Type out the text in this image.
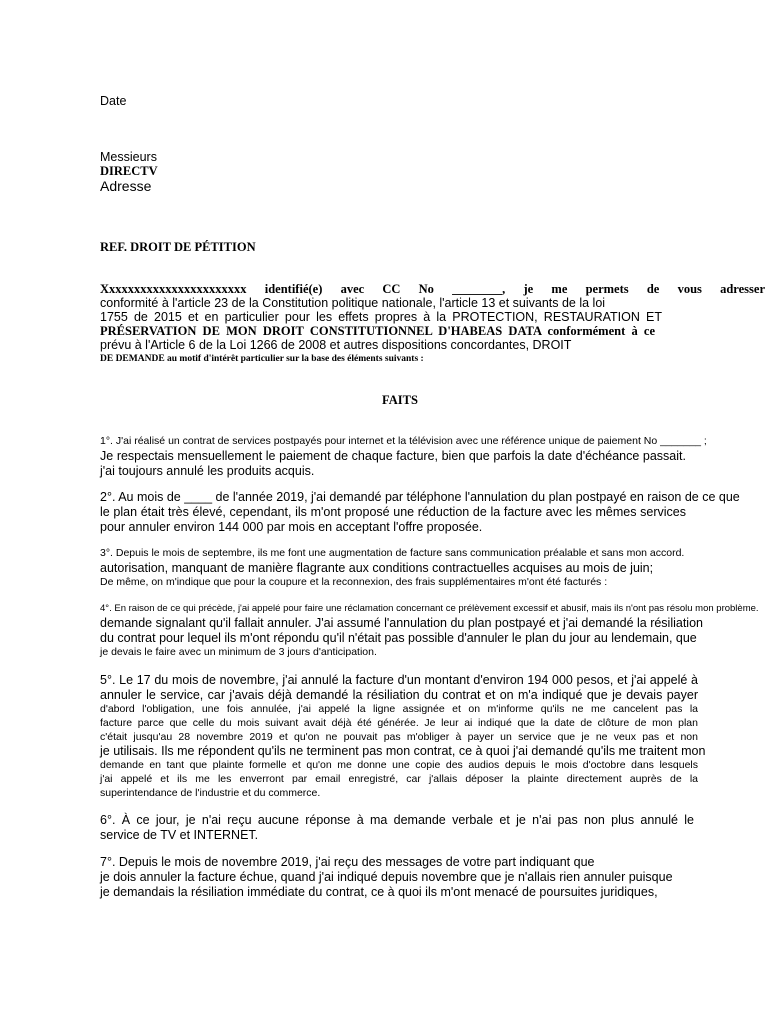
Date
Messieurs
DIRECTV
Adresse
REF. DROIT DE PÉTITION
Xxxxxxxxxxxxxxxxxxxxxxx identifié(e) avec CC No ________, je me permets de vous adresser
conformité à l'article 23 de la Constitution politique nationale, l'article 13 et suivants de la loi
1755 de 2015 et en particulier pour les effets propres à la PROTECTION, RESTAURATION ET
PRÉSERVATION DE MON DROIT CONSTITUTIONNEL D'HABEAS DATA conformément à ce
prévu à l'Article 6 de la Loi 1266 de 2008 et autres dispositions concordantes, DROIT
DE DEMANDE au motif d'intérêt particulier sur la base des éléments suivants :
FAITS
1°. J'ai réalisé un contrat de services postpayés pour internet et la télévision avec une référence unique de paiement No _______ ;
Je respectais mensuellement le paiement de chaque facture, bien que parfois la date d'échéance passait.
j'ai toujours annulé les produits acquis.
2°. Au mois de ____ de l'année 2019, j'ai demandé par téléphone l'annulation du plan postpayé en raison de ce que
le plan était très élevé, cependant, ils m'ont proposé une réduction de la facture avec les mêmes services
pour annuler environ 144 000 par mois en acceptant l'offre proposée.
3°. Depuis le mois de septembre, ils me font une augmentation de facture sans communication préalable et sans mon accord.
autorisation, manquant de manière flagrante aux conditions contractuelles acquises au mois de juin;
De même, on m'indique que pour la coupure et la reconnexion, des frais supplémentaires m'ont été facturés :
4°. En raison de ce qui précède, j'ai appelé pour faire une réclamation concernant ce prélèvement excessif et abusif, mais ils n'ont pas résolu mon problème.
demande signalant qu'il fallait annuler. J'ai assumé l'annulation du plan postpayé et j'ai demandé la résiliation
du contrat pour lequel ils m'ont répondu qu'il n'était pas possible d'annuler le plan du jour au lendemain, que
je devais le faire avec un minimum de 3 jours d'anticipation.
5°. Le 17 du mois de novembre, j'ai annulé la facture d'un montant d'environ 194 000 pesos, et j'ai appelé à
annuler le service, car j'avais déjà demandé la résiliation du contrat et on m'a indiqué que je devais payer
d'abord l'obligation, une fois annulée, j'ai appelé la ligne assignée et on m'informe qu'ils ne me cancelent pas la
facture parce que celle du mois suivant avait déjà été générée. Je leur ai indiqué que la date de clôture de mon plan
c'était jusqu'au 28 novembre 2019 et qu'on ne pouvait pas m'obliger à payer un service que je ne veux pas et non
je utilisais. Ils me répondent qu'ils ne terminent pas mon contrat, ce à quoi j'ai demandé qu'ils me traitent mon
demande en tant que plainte formelle et qu'on me donne une copie des audios depuis le mois d'octobre dans lesquels
j'ai appelé et ils me les enverront par email enregistré, car j'allais déposer la plainte directement auprès de la
superintendance de l'industrie et du commerce.
6°. À ce jour, je n'ai reçu aucune réponse à ma demande verbale et je n'ai pas non plus annulé le
service de TV et INTERNET.
7°. Depuis le mois de novembre 2019, j'ai reçu des messages de votre part indiquant que
je dois annuler la facture échue, quand j'ai indiqué depuis novembre que je n'allais rien annuler puisque
je demandais la résiliation immédiate du contrat, ce à quoi ils m'ont menacé de poursuites juridiques,
